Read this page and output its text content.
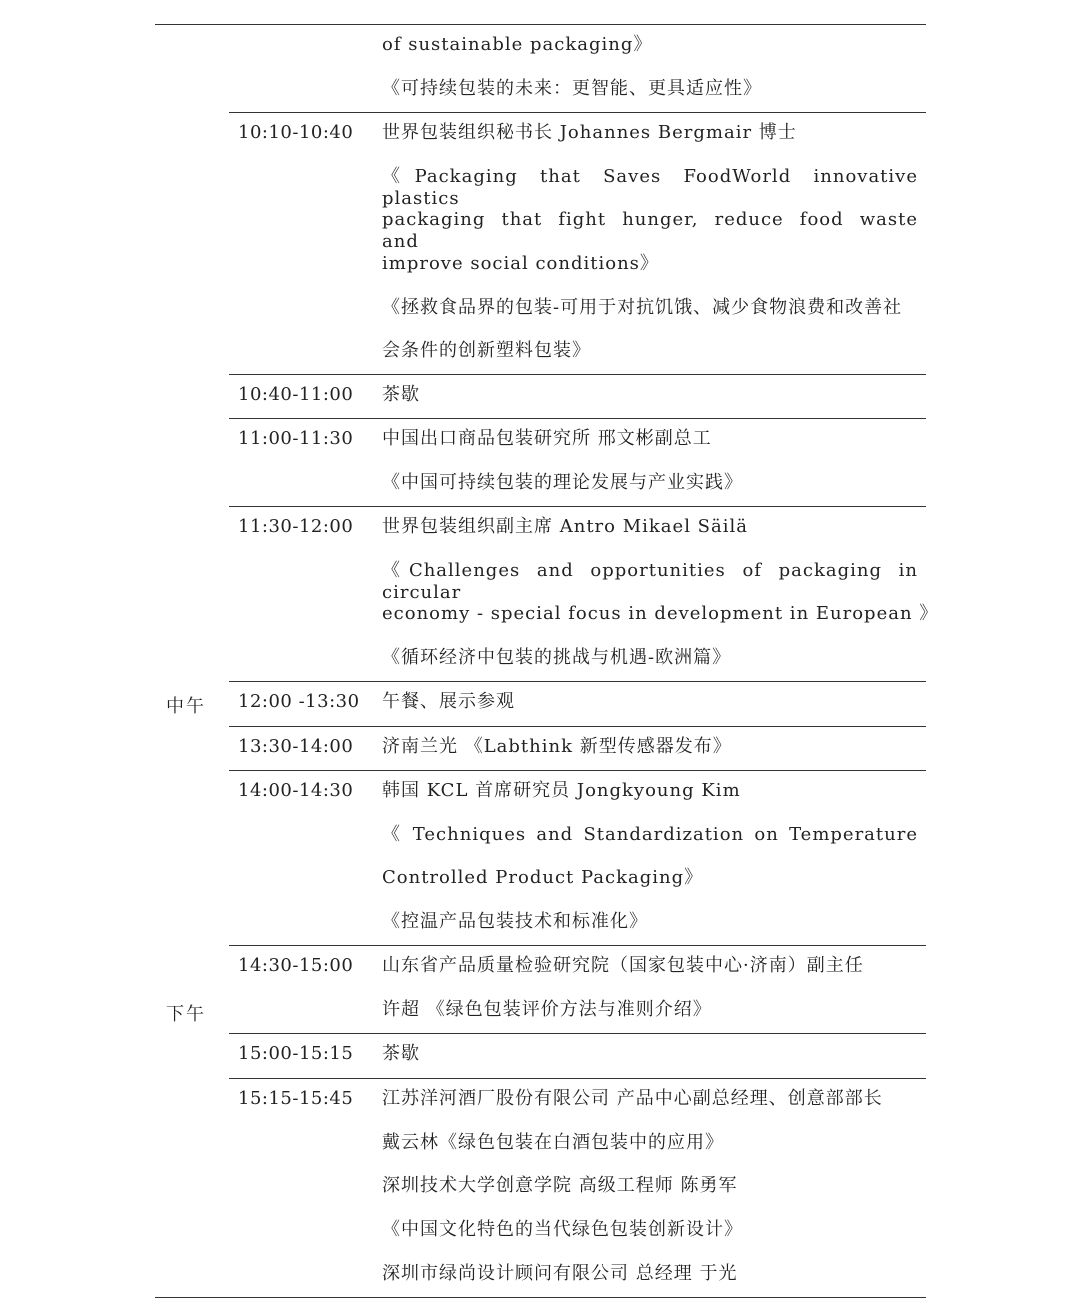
of sustainable packaging》
《可持续包装的未来：更智能、更具适应性》
10:10-10:40 世界包装组织秘书长 Johannes Bergmair 博士
《Packaging that Saves FoodWorld innovative plastics
packaging that fight hunger, reduce food waste and
improve social conditions》
《拯救食品界的包装-可用于对抗饥饿、减少食物浪费和改善社
会条件的创新塑料包装》
10:40-11:00 茶歇
11:00-11:30 中国出口商品包装研究所 邢文彬副总工
《中国可持续包装的理论发展与产业实践》
11:30-12:00 世界包装组织副主席 Antro Mikael Säilä
《Challenges and opportunities of packaging in circular
economy - special focus in development in European 》
《循环经济中包装的挑战与机遇-欧洲篇》
12:00 -13:30 午餐、展示参观
13:30-14:00 济南兰光 《Labthink 新型传感器发布》
14:00-14:30 韩国 KCL 首席研究员 Jongkyoung Kim
《 Techniques and Standardization on Temperature
Controlled Product Packaging》
《控温产品包装技术和标准化》
14:30-15:00 山东省产品质量检验研究院（国家包装中心·济南）副主任
许超 《绿色包装评价方法与准则介绍》
15:00-15:15 茶歇
15:15-15:45 江苏洋河酒厂股份有限公司 产品中心副总经理、创意部部长
戴云林《绿色包装在白酒包装中的应用》
深圳技术大学创意学院 高级工程师 陈勇军
《中国文化特色的当代绿色包装创新设计》
深圳市绿尚设计顾问有限公司 总经理 于光
中午
下午
